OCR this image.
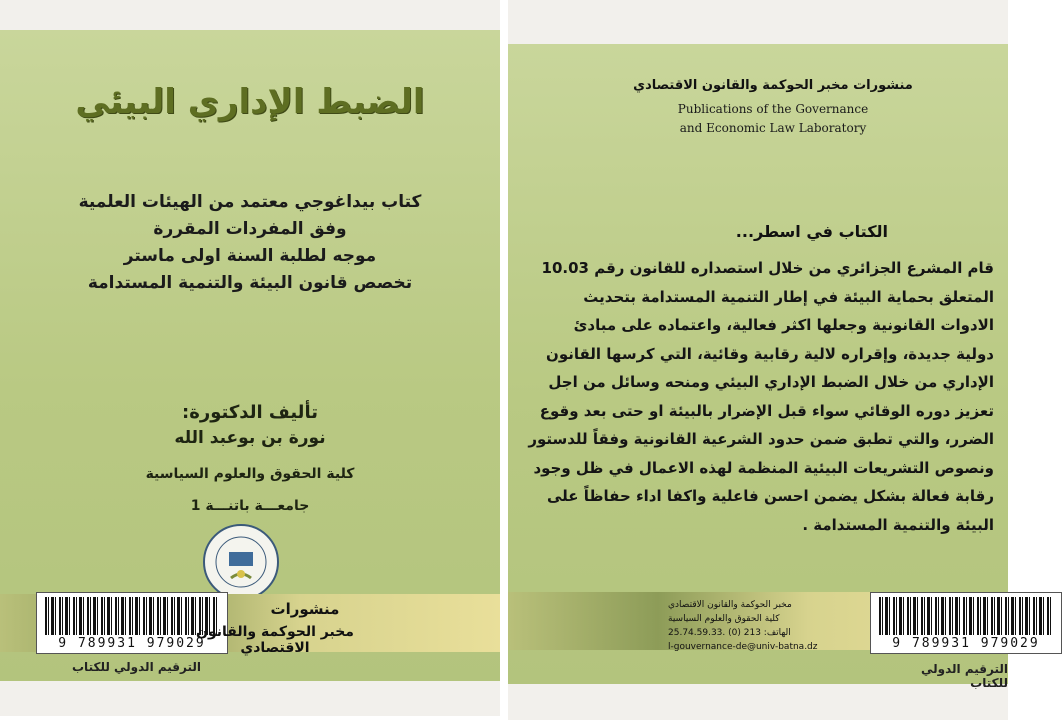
الضبط الإداري البيئي
كتاب بيداغوجي معتمد من الهيئات العلمية
وفق المفردات المقررة
موجه لطلبة السنة اولى ماستر
تخصص قانون البيئة والتنمية المستدامة
تأليف الدكتورة:
نورة بن بوعبد الله
كلية الحقوق والعلوم السياسية
جامعـــة باتنـــة 1
9 789931 979029
منشورات
مخبر الحوكمة والقانون الاقتصادي
الترقيم الدولي للكتاب
منشورات مخبر الحوكمة والقانون الاقتصادي
Publications of the Governance
and Economic Law Laboratory
الكتاب في اسطر...
قام المشرع الجزائري من خلال استصداره للقانون رقم 10.03
المتعلق بحماية البيئة في إطار التنمية المستدامة بتحديث
الادوات القانونية وجعلها اكثر فعالية، واعتماده على مبادئ
دولية جديدة، وإقراره لالية رقابية وقائية، التي كرسها القانون
الإداري من خلال الضبط الإداري البيئي ومنحه وسائل من اجل
تعزيز دوره الوقائي سواء قبل الإضرار بالبيئة او حتى بعد وقوع
الضرر، والتي تطبق ضمن حدود الشرعية القانونية وفقاً للدستور
ونصوص التشريعات البيئية المنظمة لهذه الاعمال في ظل وجود
رقابة فعالة بشكل يضمن احسن فاعلية واكفا اداء حفاظاً على
البيئة والتنمية المستدامة .
مخبر الحوكمة والقانون الاقتصادي
كلية الحقوق والعلوم السياسية
الهاتف: 213 (0) .25.74.59.33
l-gouvernance-de@univ-batna.dz	9 789931 979029
الترقيم الدولي للكتاب
